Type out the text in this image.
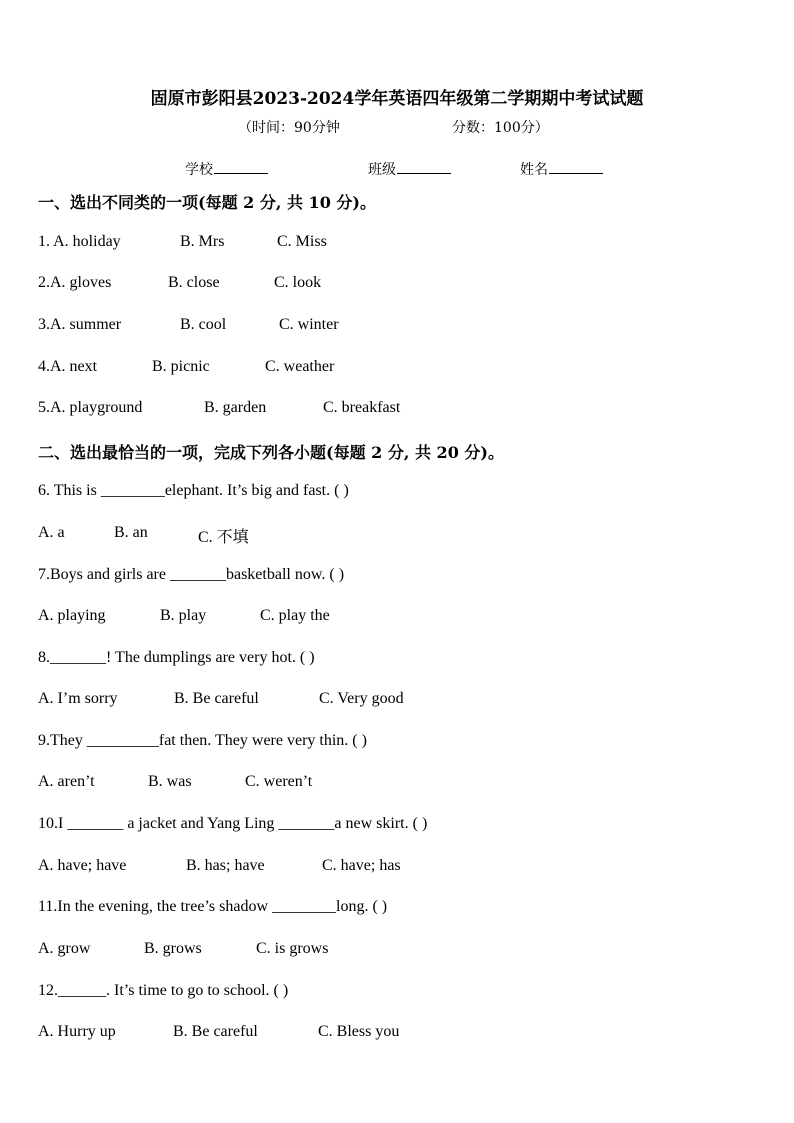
固原市彭阳县2023-2024学年英语四年级第二学期期中考试试题
（时间：90分钟	分数：100分）
学校	班级	姓名
一、选出不同类的一项(每题 2 分, 共 10 分)。
1. A. holiday	B. Mrs	C. Miss
2.A. gloves	B. close	C. look
3.A. summer	B. cool	C. winter
4.A. next	B. picnic	C. weather
5.A. playground	B. garden	C. breakfast
二、选出最恰当的一项，完成下列各小题(每题 2 分, 共 20 分)。
6. This is ________elephant. It’s big and fast. ( )
A. a	B. an	C. 不填
7.Boys and girls are _______basketball now. ( )
A. playing	B. play	C. play the
8._______! The dumplings are very hot. ( )
A. I’m sorry	B. Be careful	C. Very good
9.They _________fat then. They were very thin. ( )
A. aren’t	B. was	C. weren’t
10.I _______ a jacket and Yang Ling _______a new skirt. ( )
A. have; have	B. has; have	C. have; has
11.In the evening, the tree’s shadow ________long. ( )
A. grow	B. grows	C. is grows
12.______. It’s time to go to school. ( )
A. Hurry up	B. Be careful	C. Bless you
